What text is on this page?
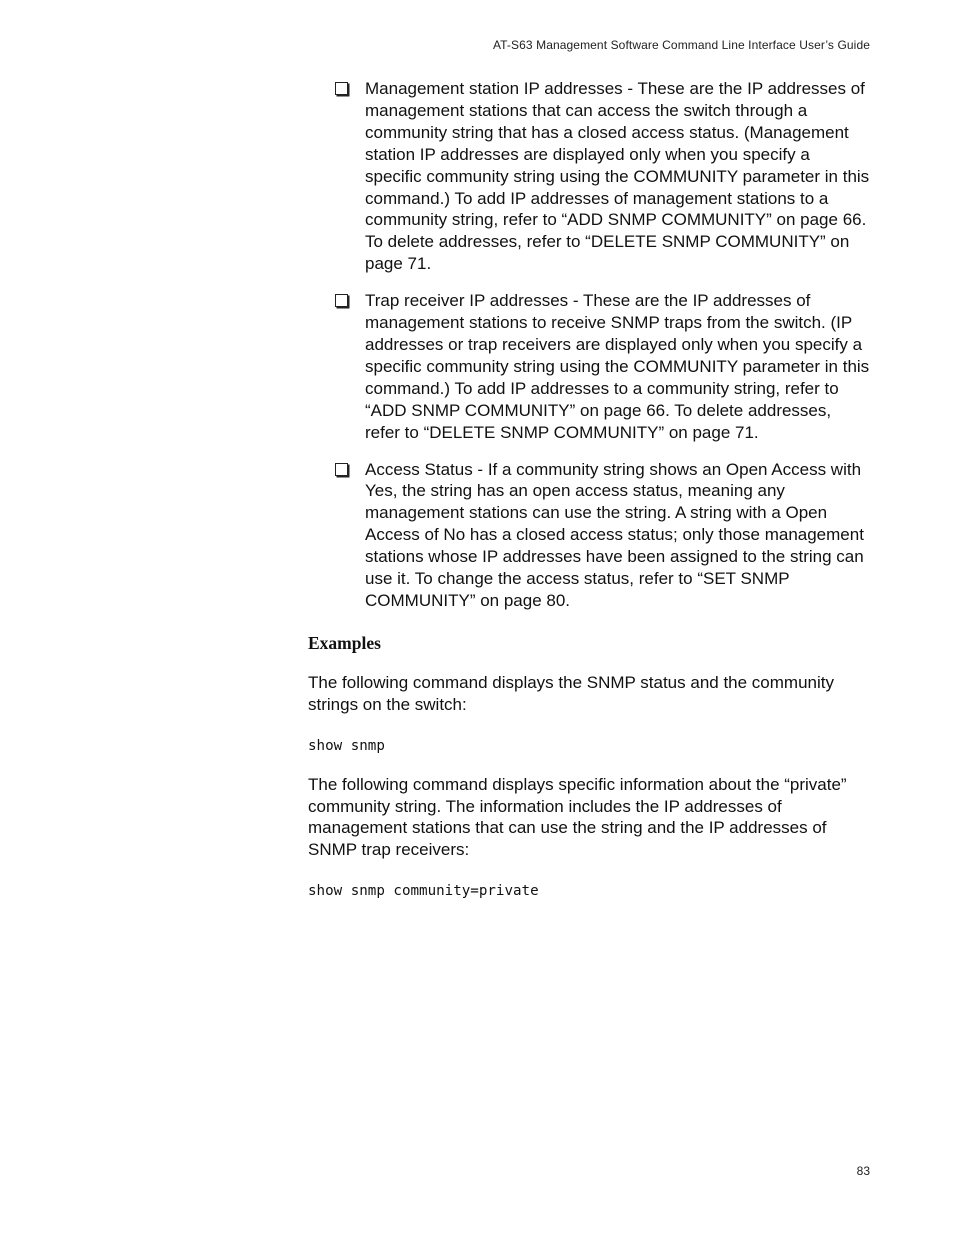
AT-S63 Management Software Command Line Interface User’s Guide
Management station IP addresses - These are the IP addresses of management stations that can access the switch through a community string that has a closed access status. (Management station IP addresses are displayed only when you specify a specific community string using the COMMUNITY parameter in this command.) To add IP addresses of management stations to a community string, refer to “ADD SNMP COMMUNITY” on page 66. To delete addresses, refer to “DELETE SNMP COMMUNITY” on page 71.
Trap receiver IP addresses - These are the IP addresses of management stations to receive SNMP traps from the switch. (IP addresses or trap receivers are displayed only when you specify a specific community string using the COMMUNITY parameter in this command.) To add IP addresses to a community string, refer to “ADD SNMP COMMUNITY” on page 66. To delete addresses, refer to “DELETE SNMP COMMUNITY” on page 71.
Access Status - If a community string shows an Open Access with Yes, the string has an open access status, meaning any management stations can use the string. A string with a Open Access of No has a closed access status; only those management stations whose IP addresses have been assigned to the string can use it. To change the access status, refer to “SET SNMP COMMUNITY” on page 80.
Examples

The following command displays the SNMP status and the community strings on the switch:

show snmp

The following command displays specific information about the “private” community string. The information includes the IP addresses of management stations that can use the string and the IP addresses of SNMP trap receivers:

show snmp community=private
83
